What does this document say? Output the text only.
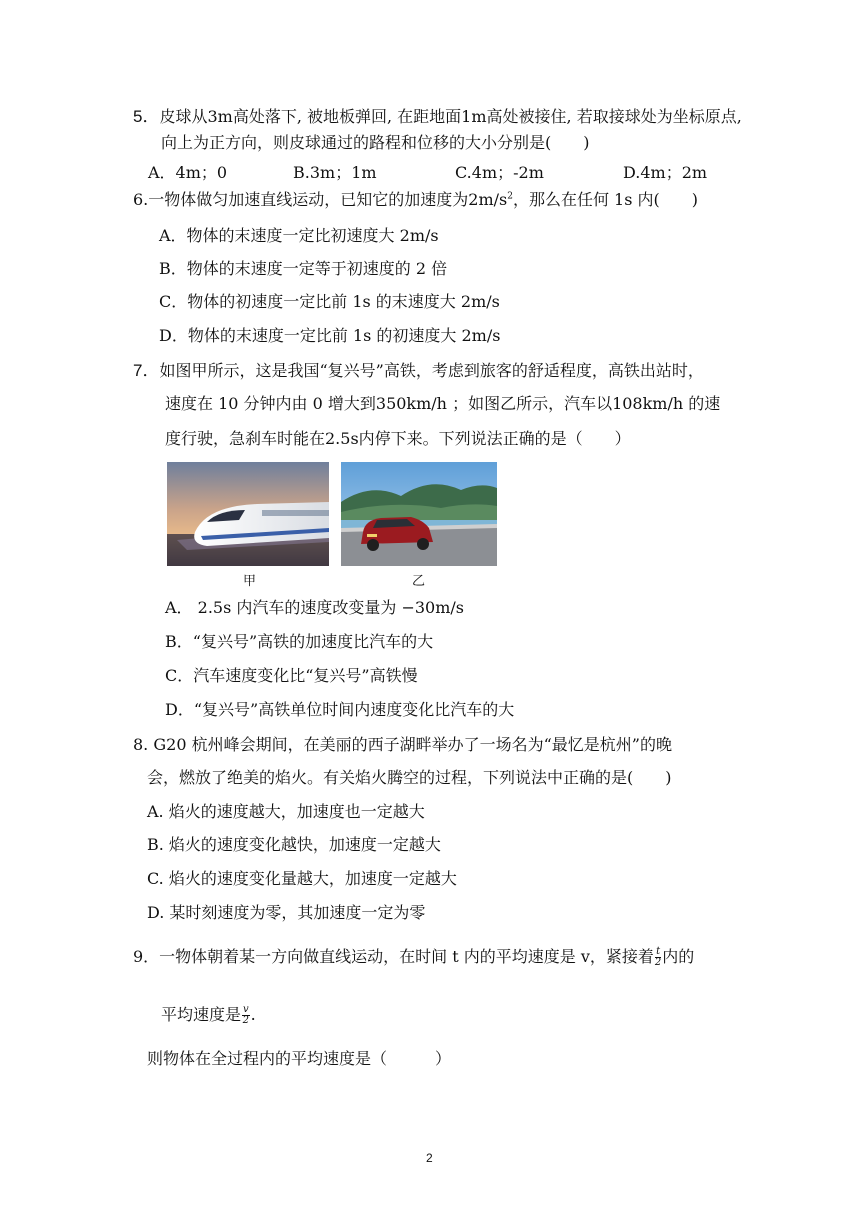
5．皮球从3m高处落下, 被地板弹回, 在距地面1m高处被接住, 若取接球处为坐标原点,
向上为正方向，则皮球通过的路程和位移的大小分别是(　　)
A．4m；0	B.3m；1m	C.4m；-2m	D.4m；2m
6.一物体做匀加速直线运动，已知它的加速度为$2m/s^2$，那么在任何 1s 内(　　)
A．物体的末速度一定比初速度大 2m/s
B．物体的末速度一定等于初速度的 2 倍
C．物体的初速度一定比前 1s 的末速度大 2m/s
D．物体的末速度一定比前 1s 的初速度大 2m/s
7．如图甲所示，这是我国“复兴号”高铁，考虑到旅客的舒适程度，高铁出站时，
速度在 10 分钟内由 0 增大到350km/h ；如图乙所示，汽车以108km/h 的速
度行驶，急刹车时能在2.5s内停下来。下列说法正确的是（　　）
甲	乙
A． 2.5s 内汽车的速度改变量为 −30m/s
B．“复兴号”高铁的加速度比汽车的大
C．汽车速度变化比“复兴号”高铁慢
D．“复兴号”高铁单位时间内速度变化比汽车的大
8. G20 杭州峰会期间，在美丽的西子湖畔举办了一场名为“最忆是杭州”的晚
会，燃放了绝美的焰火。有关焰火腾空的过程，下列说法中正确的是(　　)
A. 焰火的速度越大，加速度也一定越大
B. 焰火的速度变化越快，加速度一定越大
C. 焰火的速度变化量越大，加速度一定越大
D. 某时刻速度为零，其加速度一定为零
9．一物体朝着某一方向做直线运动，在时间 t 内的平均速度是 v，紧接着 $\frac{t}{2}$ 内的
平均速度是 $\frac{v}{2}$ .
则物体在全过程内的平均速度是（　　　）
2
